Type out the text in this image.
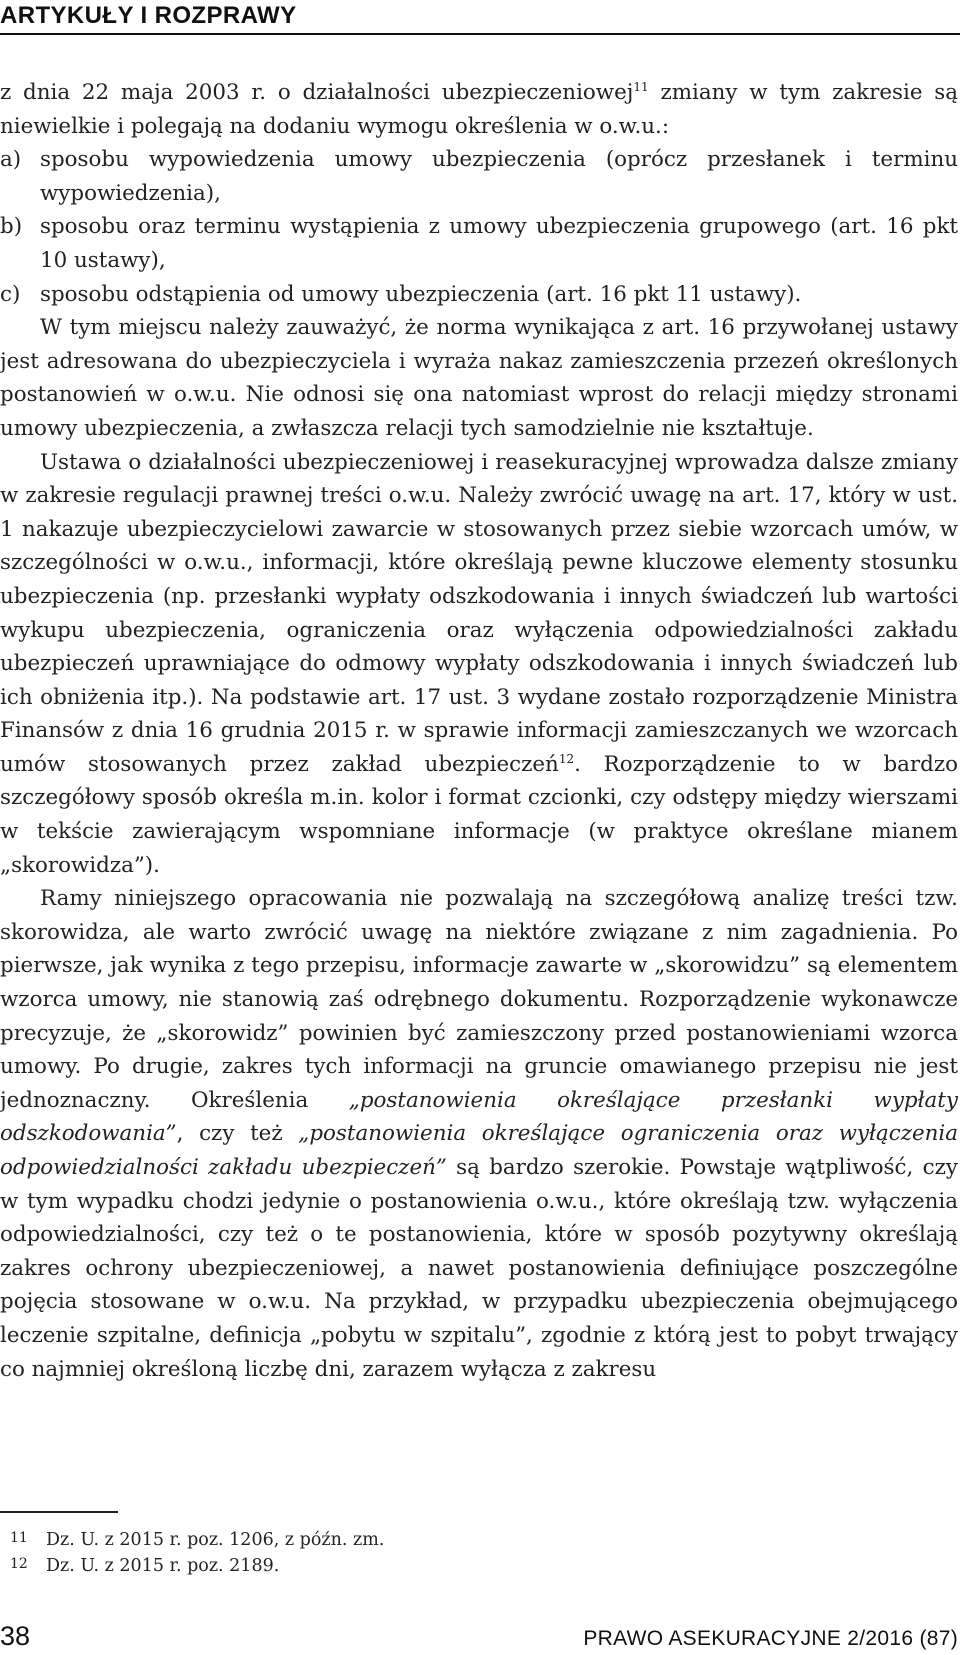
ARTYKUŁY I ROZPRAWY

z dnia 22 maja 2003 r. o działalności ubezpieczeniowej$^{11}$ zmiany w tym zakresie są niewielkie i polegają na dodaniu wymogu określenia w o.w.u.:

a) sposobu wypowiedzenia umowy ubezpieczenia (oprócz przesłanek i terminu wypowiedzenia),
b) sposobu oraz terminu wystąpienia z umowy ubezpieczenia grupowego (art. 16 pkt 10 ustawy),
c) sposobu odstąpienia od umowy ubezpieczenia (art. 16 pkt 11 ustawy).

W tym miejscu należy zauważyć, że norma wynikająca z art. 16 przywołanej ustawy jest adresowana do ubezpieczyciela i wyraża nakaz zamieszczenia przezeń określonych postanowień w o.w.u. Nie odnosi się ona natomiast wprost do relacji między stronami umowy ubezpieczenia, a zwłaszcza relacji tych samodzielnie nie kształtuje.

Ustawa o działalności ubezpieczeniowej i reasekuracyjnej wprowadza dalsze zmiany w zakresie regulacji prawnej treści o.w.u. Należy zwrócić uwagę na art. 17, który w ust. 1 nakazuje ubezpieczycielowi zawarcie w stosowanych przez siebie wzorcach umów, w szczególności w o.w.u., informacji, które określają pewne kluczowe elementy stosunku ubezpieczenia (np. przesłanki wypłaty odszkodowania i innych świadczeń lub wartości wykupu ubezpieczenia, ograniczenia oraz wyłączenia odpowiedzialności zakładu ubezpieczeń uprawniające do odmowy wypłaty odszkodowania i innych świadczeń lub ich obniżenia itp.). Na podstawie art. 17 ust. 3 wydane zostało rozporządzenie Ministra Finansów z dnia 16 grudnia 2015 r. w sprawie informacji zamieszczanych we wzorcach umów stosowanych przez zakład ubezpieczeń$^{12}$. Rozporządzenie to w bardzo szczegółowy sposób określa m.in. kolor i format czcionki, czy odstępy między wierszami w tekście zawierającym wspomniane informacje (w praktyce określane mianem „skorowidza”).

Ramy niniejszego opracowania nie pozwalają na szczegółową analizę treści tzw. skorowidza, ale warto zwrócić uwagę na niektóre związane z nim zagadnienia. Po pierwsze, jak wynika z tego przepisu, informacje zawarte w „skorowidzu” są elementem wzorca umowy, nie stanowią zaś odrębnego dokumentu. Rozporządzenie wykonawcze precyzuje, że „skorowidz” powinien być zamieszczony przed postanowieniami wzorca umowy. Po drugie, zakres tych informacji na gruncie omawianego przepisu nie jest jednoznaczny. Określenia „postanowienia określające przesłanki wypłaty odszkodowania”, czy też „postanowienia określające ograniczenia oraz wyłączenia odpowiedzialności zakładu ubezpieczeń” są bardzo szerokie. Powstaje wątpliwość, czy w tym wypadku chodzi jedynie o postanowienia o.w.u., które określają tzw. wyłączenia odpowiedzialności, czy też o te postanowienia, które w sposób pozytywny określają zakres ochrony ubezpieczeniowej, a nawet postanowienia definiujące poszczególne pojęcia stosowane w o.w.u. Na przykład, w przypadku ubezpieczenia obejmującego leczenie szpitalne, definicja „pobytu w szpitalu”, zgodnie z którą jest to pobyt trwający co najmniej określoną liczbę dni, zarazem wyłącza z zakresu

11	Dz. U. z 2015 r. poz. 1206, z późn. zm.
12	Dz. U. z 2015 r. poz. 2189.
38	PRAWO ASEKURACYJNE 2/2016 (87)
